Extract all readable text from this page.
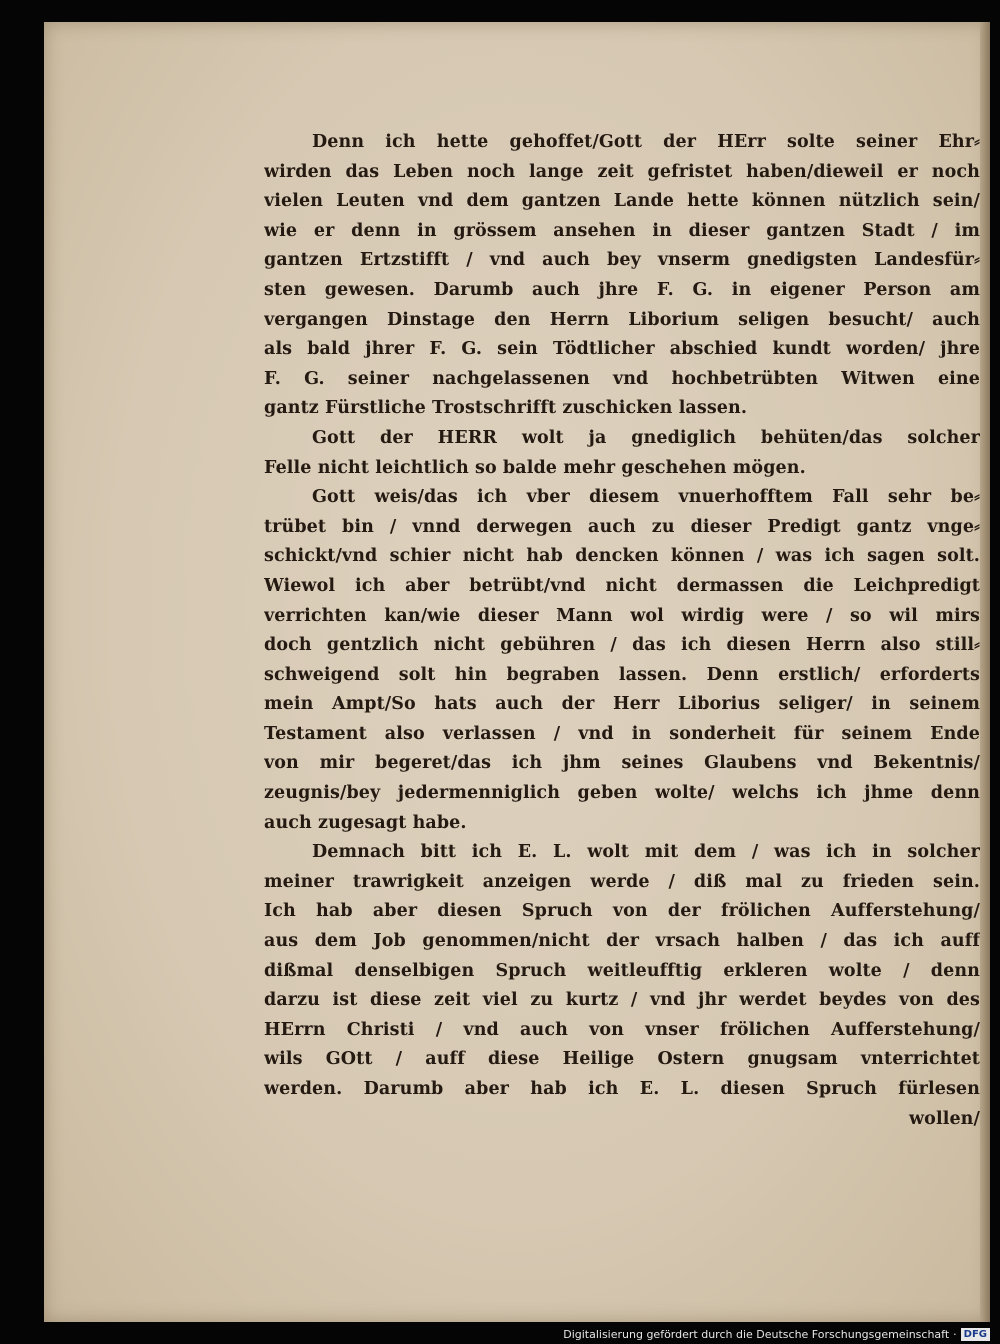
Denn ich hette gehoffet/Gott der HErr solte seiner Ehr⸗
wirden das Leben noch lange zeit gefristet haben/dieweil er noch
vielen Leuten vnd dem gantzen Lande hette können nützlich sein/
wie er denn in grössem ansehen in dieser gantzen Stadt / im
gantzen Ertzstifft / vnd auch bey vnserm gnedigsten Landesfür⸗
sten gewesen. Darumb auch jhre F. G. in eigener Person am
vergangen Dinstage den Herrn Liborium seligen besucht/ auch
als bald jhrer F. G. sein Tödtlicher abschied kundt worden/ jhre
F. G. seiner nachgelassenen vnd hochbetrübten Witwen eine
gantz Fürstliche Trostschrifft zuschicken lassen.
Gott der HERR wolt ja gnediglich behüten/das solcher
Felle nicht leichtlich so balde mehr geschehen mögen.
Gott weis/das ich vber diesem vnuerhofftem Fall sehr be⸗
trübet bin / vnnd derwegen auch zu dieser Predigt gantz vnge⸗
schickt/vnd schier nicht hab dencken können / was ich sagen solt.
Wiewol ich aber betrübt/vnd nicht dermassen die Leichpredigt
verrichten kan/wie dieser Mann wol wirdig were / so wil mirs
doch gentzlich nicht gebühren / das ich diesen Herrn also still⸗
schweigend solt hin begraben lassen. Denn erstlich/ erforderts
mein Ampt/So hats auch der Herr Liborius seliger/ in seinem
Testament also verlassen / vnd in sonderheit für seinem Ende
von mir begeret/das ich jhm seines Glaubens vnd Bekentnis/
zeugnis/bey jedermenniglich geben wolte/ welchs ich jhme denn
auch zugesagt habe.
Demnach bitt ich E. L. wolt mit dem / was ich in solcher
meiner trawrigkeit anzeigen werde / diß mal zu frieden sein.
Ich hab aber diesen Spruch von der frölichen Aufferstehung/
aus dem Job genommen/nicht der vrsach halben / das ich auff
dißmal denselbigen Spruch weitleufftig erkleren wolte / denn
darzu ist diese zeit viel zu kurtz / vnd jhr werdet beydes von des
HErrn Christi / vnd auch von vnser frölichen Aufferstehung/
wils GOtt / auff diese Heilige Ostern gnugsam vnterrichtet
werden. Darumb aber hab ich E. L. diesen Spruch fürlesen
wollen/
Digitalisierung gefördert durch die Deutsche Forschungsgemeinschaft · DFG
